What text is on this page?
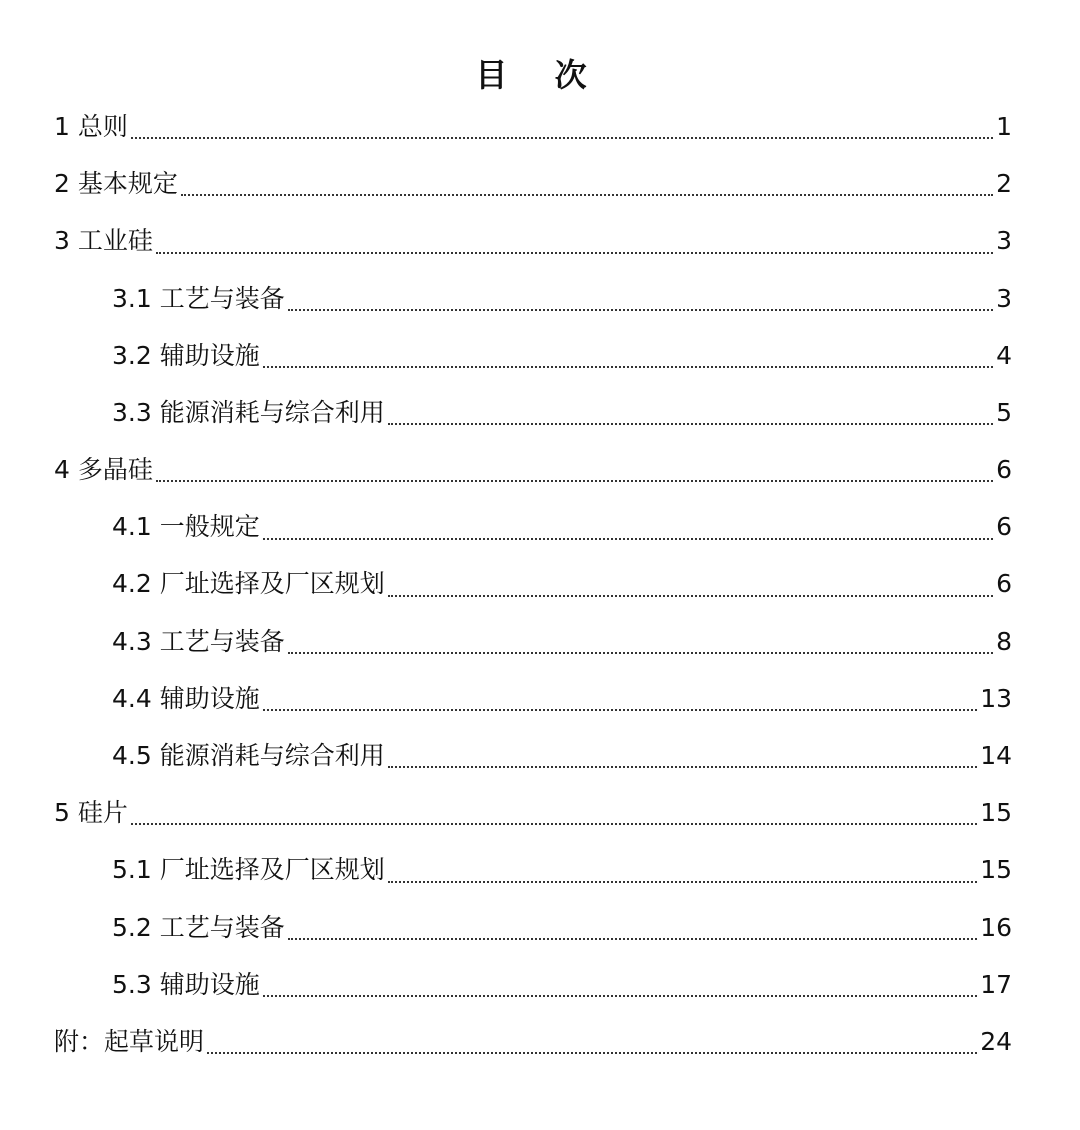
目 次
1 总则	1
2 基本规定	2
3 工业硅	3
3.1 工艺与装备	3
3.2 辅助设施	4
3.3 能源消耗与综合利用	5
4 多晶硅	6
4.1 一般规定	6
4.2 厂址选择及厂区规划	6
4.3 工艺与装备	8
4.4 辅助设施	13
4.5 能源消耗与综合利用	14
5 硅片	15
5.1 厂址选择及厂区规划	15
5.2 工艺与装备	16
5.3 辅助设施	17
附：起草说明	24
